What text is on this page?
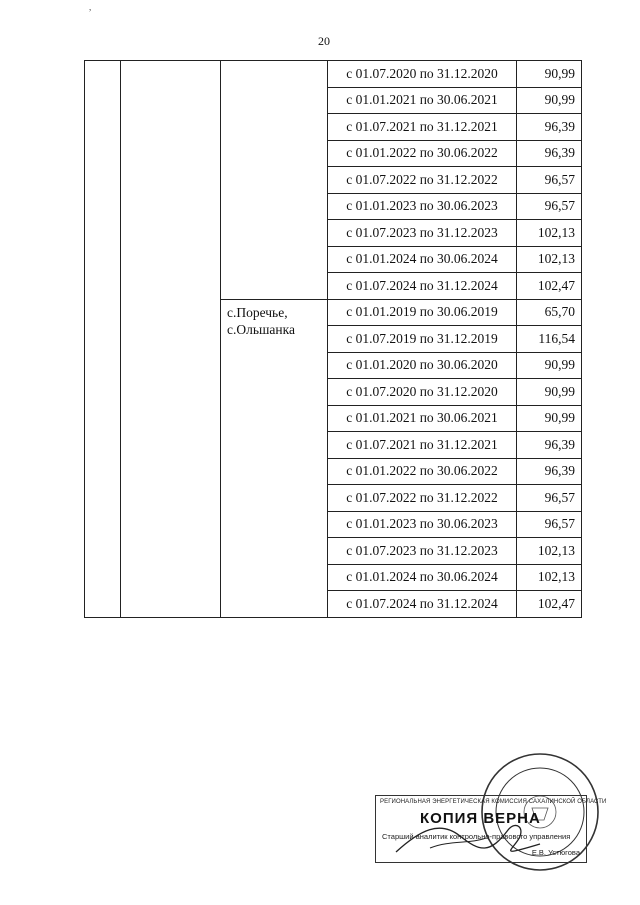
,
20
			с 01.07.2020 по 31.12.2020	90,99
			с 01.01.2021 по 30.06.2021	90,99
			с 01.07.2021 по 31.12.2021	96,39
			с 01.01.2022 по 30.06.2022	96,39
			с 01.07.2022 по 31.12.2022	96,57
			с 01.01.2023 по 30.06.2023	96,57
			с 01.07.2023 по 31.12.2023	102,13
			с 01.01.2024 по 30.06.2024	102,13
			с 01.07.2024 по 31.12.2024	102,47
		с.Поречье,
с.Ольшанка	с 01.01.2019 по 30.06.2019	65,70
			с 01.07.2019 по 31.12.2019	116,54
			с 01.01.2020 по 30.06.2020	90,99
			с 01.07.2020 по 31.12.2020	90,99
			с 01.01.2021 по 30.06.2021	90,99
			с 01.07.2021 по 31.12.2021	96,39
			с 01.01.2022 по 30.06.2022	96,39
			с 01.07.2022 по 31.12.2022	96,57
			с 01.01.2023 по 30.06.2023	96,57
			с 01.07.2023 по 31.12.2023	102,13
			с 01.01.2024 по 30.06.2024	102,13
			с 01.07.2024 по 31.12.2024	102,47
РЕГИОНАЛЬНАЯ ЭНЕРГЕТИЧЕСКАЯ КОМИССИЯ САХАЛИНСКОЙ ОБЛАСТИ
КОПИЯ ВЕРНА
Старший аналитик контрольно-правового управления
Е.В. Устюгова
